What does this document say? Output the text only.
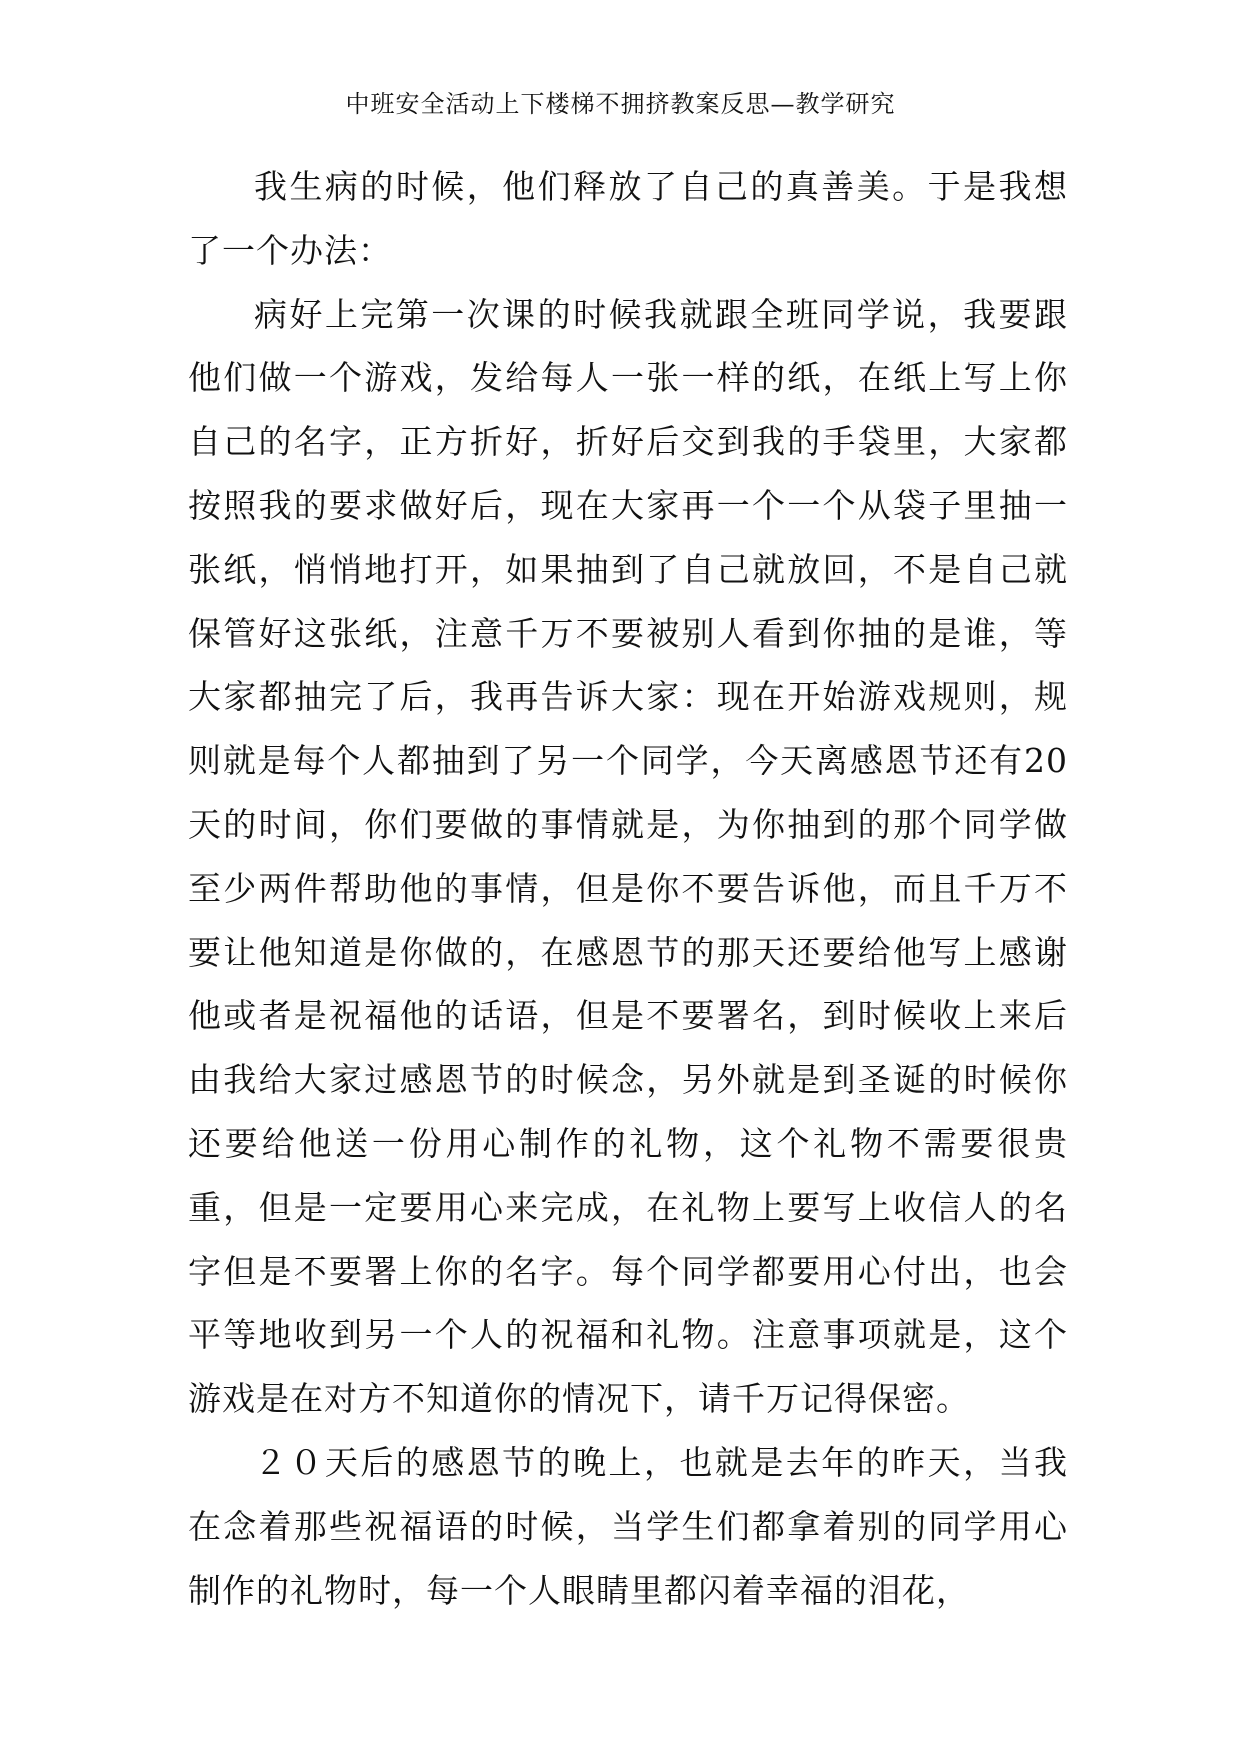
中班安全活动上下楼梯不拥挤教案反思—教学研究

我生病的时候，他们释放了自己的真善美。于是我想了一个办法：

病好上完第一次课的时候我就跟全班同学说，我要跟他们做一个游戏，发给每人一张一样的纸，在纸上写上你自己的名字，正方折好，折好后交到我的手袋里，大家都按照我的要求做好后，现在大家再一个一个从袋子里抽一张纸，悄悄地打开，如果抽到了自己就放回，不是自己就保管好这张纸，注意千万不要被别人看到你抽的是谁，等大家都抽完了后，我再告诉大家：现在开始游戏规则，规则就是每个人都抽到了另一个同学，今天离感恩节还有20天的时间，你们要做的事情就是，为你抽到的那个同学做至少两件帮助他的事情，但是你不要告诉他，而且千万不要让他知道是你做的，在感恩节的那天还要给他写上感谢他或者是祝福他的话语，但是不要署名，到时候收上来后由我给大家过感恩节的时候念，另外就是到圣诞的时候你还要给他送一份用心制作的礼物，这个礼物不需要很贵重，但是一定要用心来完成，在礼物上要写上收信人的名字但是不要署上你的名字。每个同学都要用心付出，也会平等地收到另一个人的祝福和礼物。注意事项就是，这个游戏是在对方不知道你的情况下，请千万记得保密。

２０天后的感恩节的晚上，也就是去年的昨天，当我在念着那些祝福语的时候，当学生们都拿着别的同学用心制作的礼物时，每一个人眼睛里都闪着幸福的泪花，
